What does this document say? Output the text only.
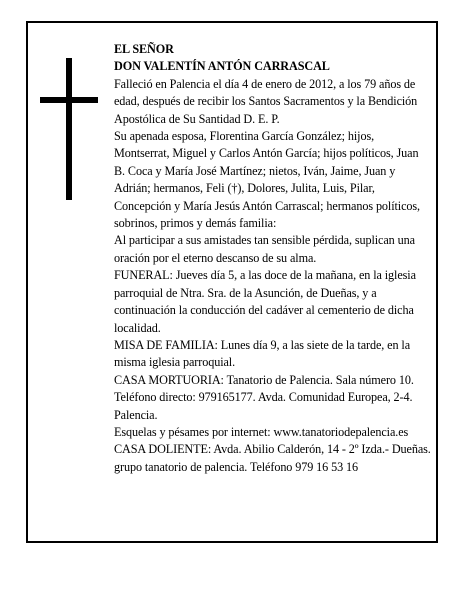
EL SEÑOR

DON VALENTÍN ANTÓN CARRASCAL

Falleció en Palencia el día 4 de enero de 2012, a los 79 años de edad, después de recibir los Santos Sacramentos y la Bendición Apostólica de Su Santidad D. E. P.

Su apenada esposa, Florentina García González; hijos, Montserrat, Miguel y Carlos Antón García; hijos políticos, Juan B. Coca y María José Martínez; nietos, Iván, Jaime, Juan y Adrián; hermanos, Feli (†), Dolores, Julita, Luis, Pilar, Concepción y María Jesús Antón Carrascal; hermanos políticos, sobrinos, primos y demás familia:

Al participar a sus amistades tan sensible pérdida, suplican una oración por el eterno descanso de su alma.

FUNERAL: Jueves día 5, a las doce de la mañana, en la iglesia parroquial de Ntra. Sra. de la Asunción, de Dueñas, y a continuación la conducción del cadáver al cementerio de dicha localidad.

MISA DE FAMILIA: Lunes día 9, a las siete de la tarde, en la misma iglesia parroquial.

CASA MORTUORIA: Tanatorio de Palencia. Sala número 10. Teléfono directo: 979165177. Avda. Comunidad Europea, 2-4. Palencia.

Esquelas y pésames por internet: www.tanatoriodepalencia.es

CASA DOLIENTE: Avda. Abilio Calderón, 14 - 2º Izda.- Dueñas.

grupo tanatorio de palencia. Teléfono 979 16 53 16
